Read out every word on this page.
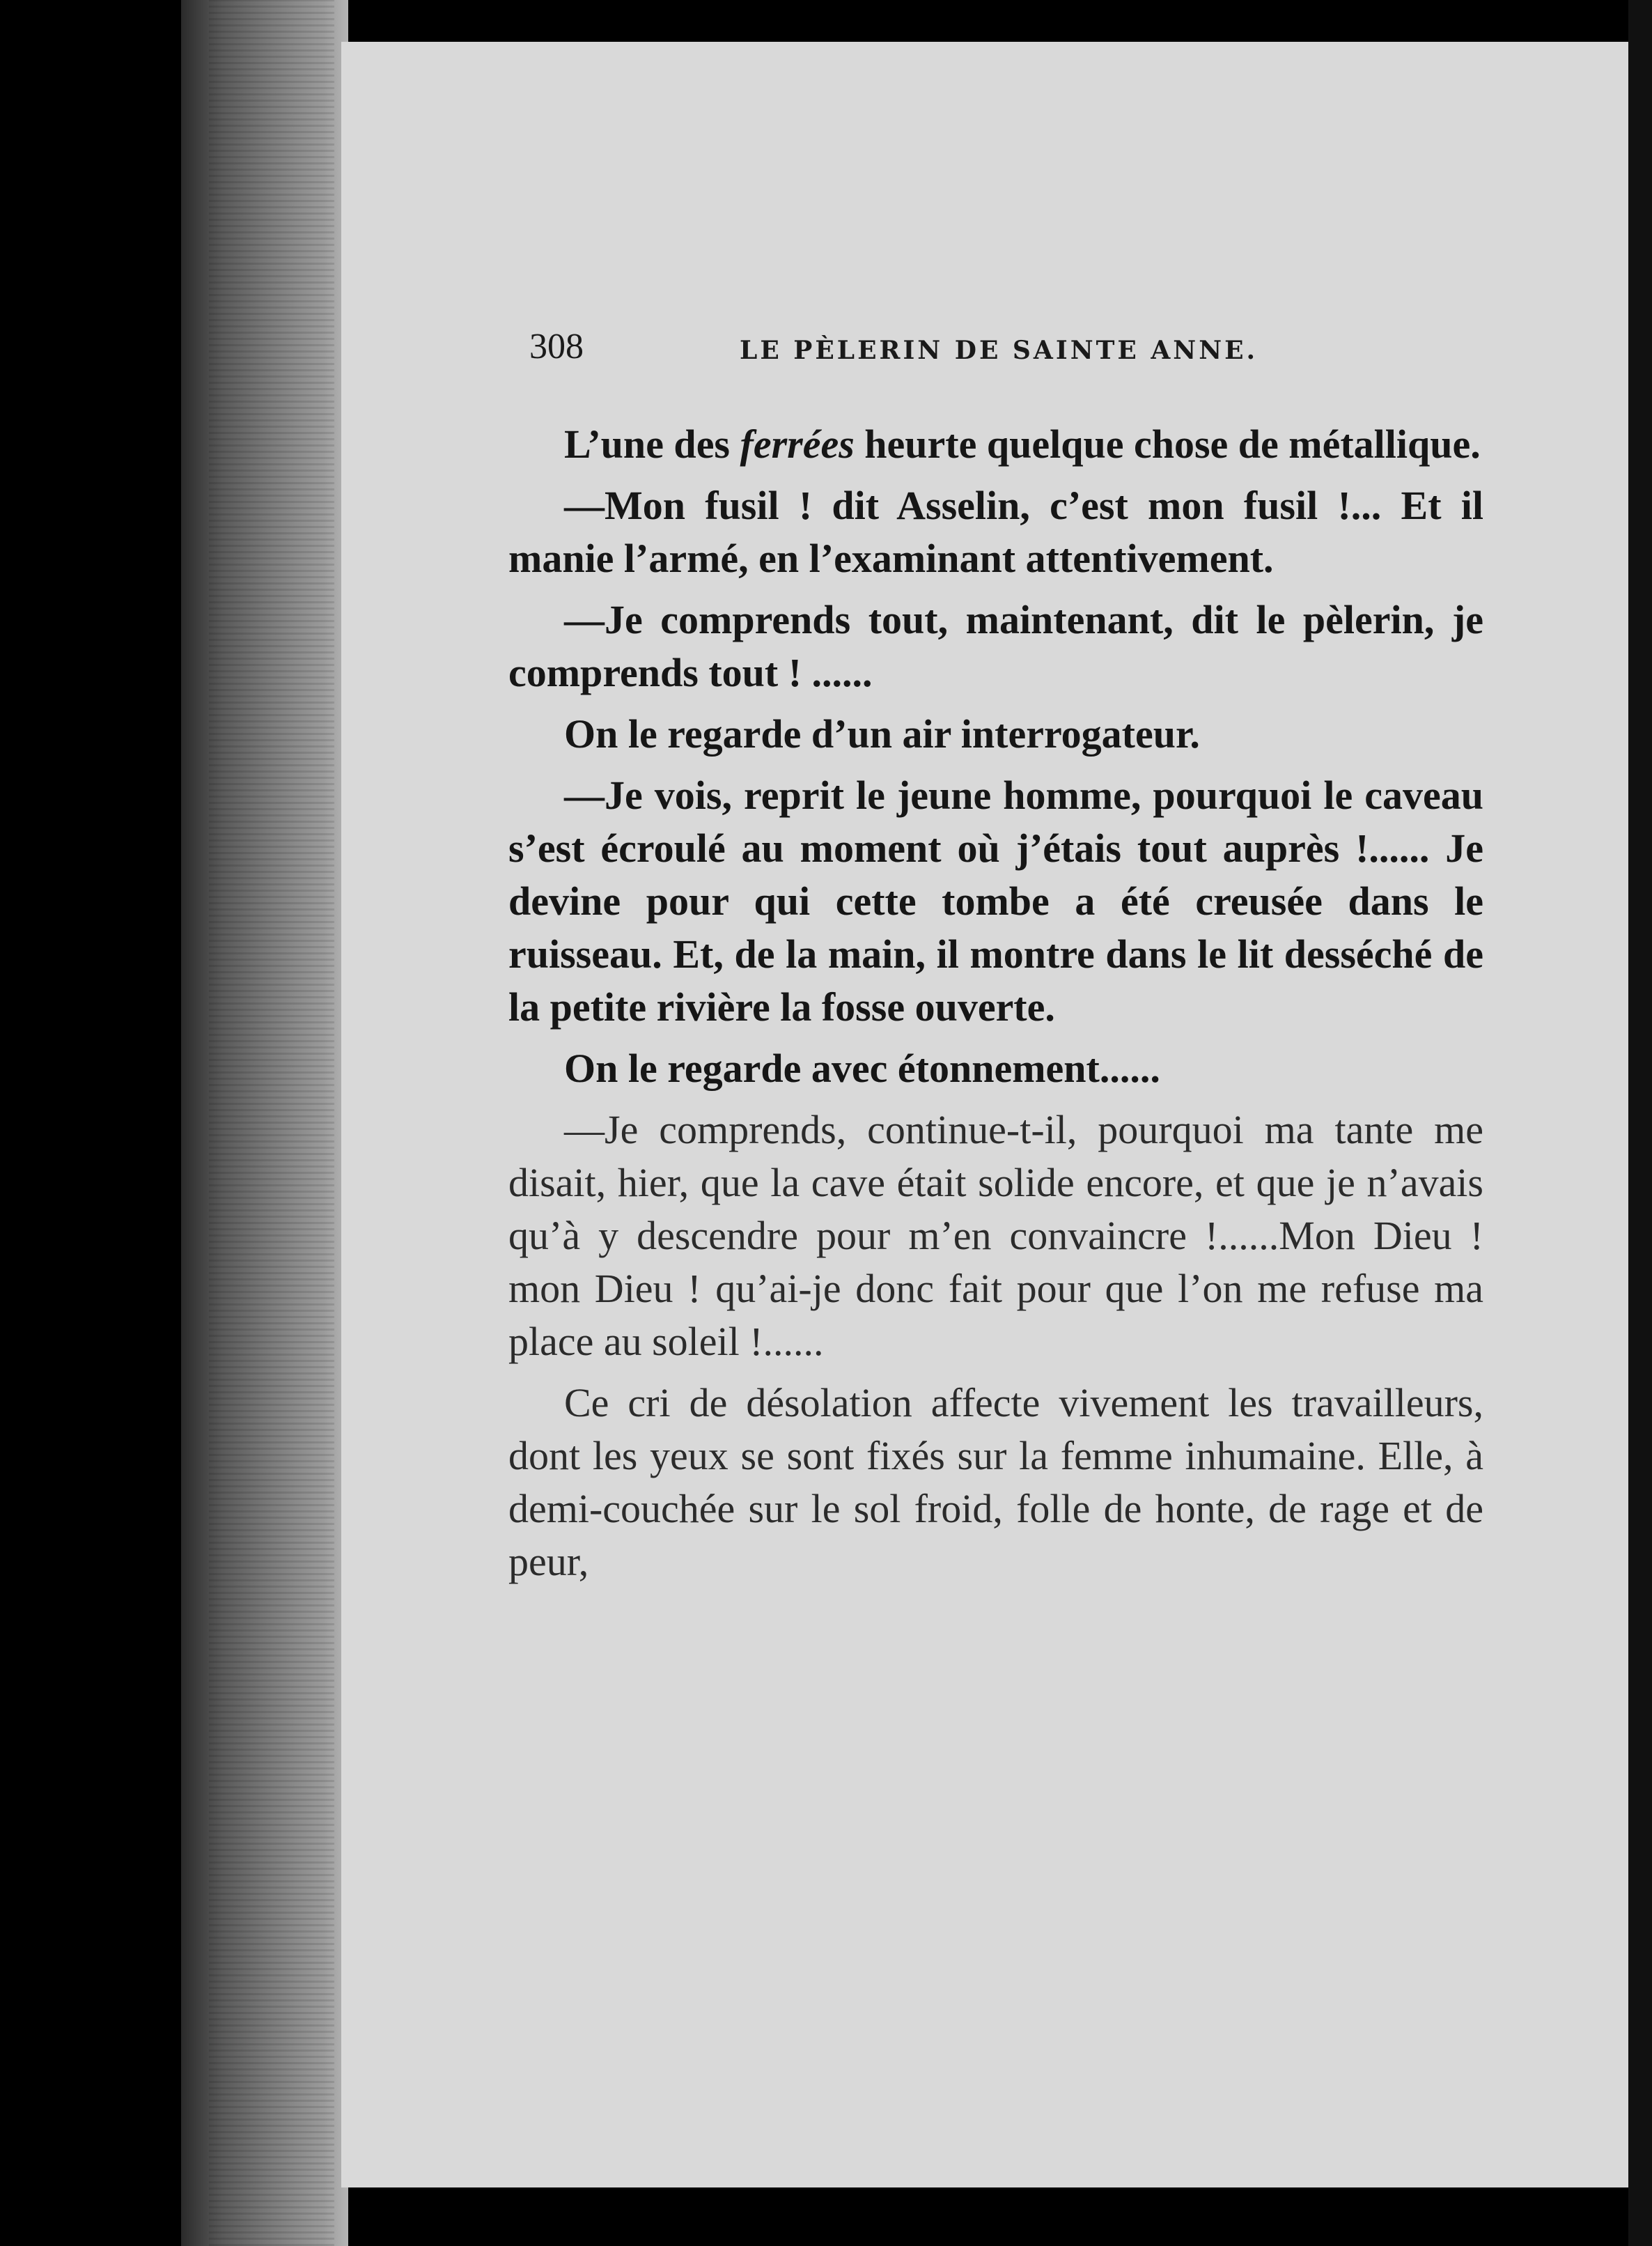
308	LE PÈLERIN DE SAINTE ANNE.

L’une des ferrées heurte quelque chose de métallique.

—Mon fusil ! dit Asselin, c’est mon fusil !... Et il manie l’armé, en l’examinant attentivement.

—Je comprends tout, maintenant, dit le pèlerin, je comprends tout ! ......

On le regarde d’un air interrogateur.

—Je vois, reprit le jeune homme, pourquoi le caveau s’est écroulé au moment où j’étais tout auprès !...... Je devine pour qui cette tombe a été creusée dans le ruisseau. Et, de la main, il montre dans le lit desséché de la petite rivière la fosse ouverte.

On le regarde avec étonnement......

—Je comprends, continue-t-il, pourquoi ma tante me disait, hier, que la cave était solide encore, et que je n’avais qu’à y descendre pour m’en convaincre !......Mon Dieu ! mon Dieu ! qu’ai-je donc fait pour que l’on me refuse ma place au soleil !......

Ce cri de désolation affecte vivement les travailleurs, dont les yeux se sont fixés sur la femme inhumaine. Elle, à demi-couchée sur le sol froid, folle de honte, de rage et de peur,
